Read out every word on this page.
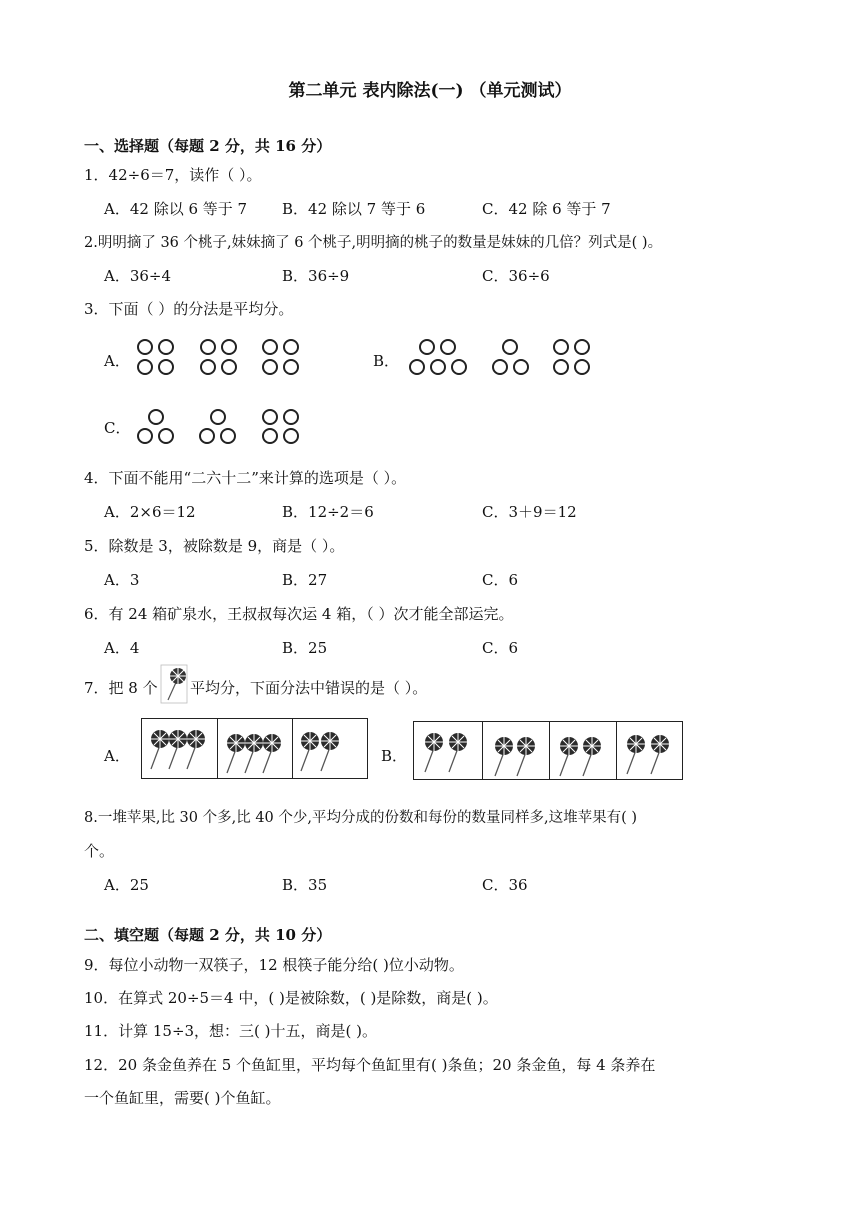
第二单元 表内除法(一) （单元测试）
一、选择题（每题 2 分，共 16 分）
1．42÷6＝7，读作（ ）。
A．42 除以 6 等于 7 B．42 除以 7 等于 6	C．42 除 6 等于 7
2.明明摘了 36 个桃子,妹妹摘了 6 个桃子,明明摘的桃子的数量是妹妹的几倍？列式是( )。
A．36÷4	B．36÷9	C．36÷6
3．下面（ ）的分法是平均分。
A．	B．
C．
4．下面不能用“二六十二”来计算的选项是（ ）。
A．2×6＝12	B．12÷2＝6	C．3＋9＝12
5．除数是 3，被除数是 9，商是（ ）。
A．3	B．27	C．6
6．有 24 箱矿泉水，王叔叔每次运 4 箱，（ ）次才能全部运完。
A．4	B．25	C．6
7．把 8 个 平均分，下面分法中错误的是（ ）。
A．	B．
8.一堆苹果,比 30 个多,比 40 个少,平均分成的份数和每份的数量同样多,这堆苹果有( )
个。
A．25	B．35	C．36
二、填空题（每题 2 分，共 10 分）
9．每位小动物一双筷子，12 根筷子能分给( )位小动物。
10．在算式 20÷5＝4 中，( )是被除数，( )是除数，商是( )。
11．计算 15÷3，想：三( )十五，商是( )。
12．20 条金鱼养在 5 个鱼缸里，平均每个鱼缸里有( )条鱼；20 条金鱼，每 4 条养在
一个鱼缸里，需要( )个鱼缸。
